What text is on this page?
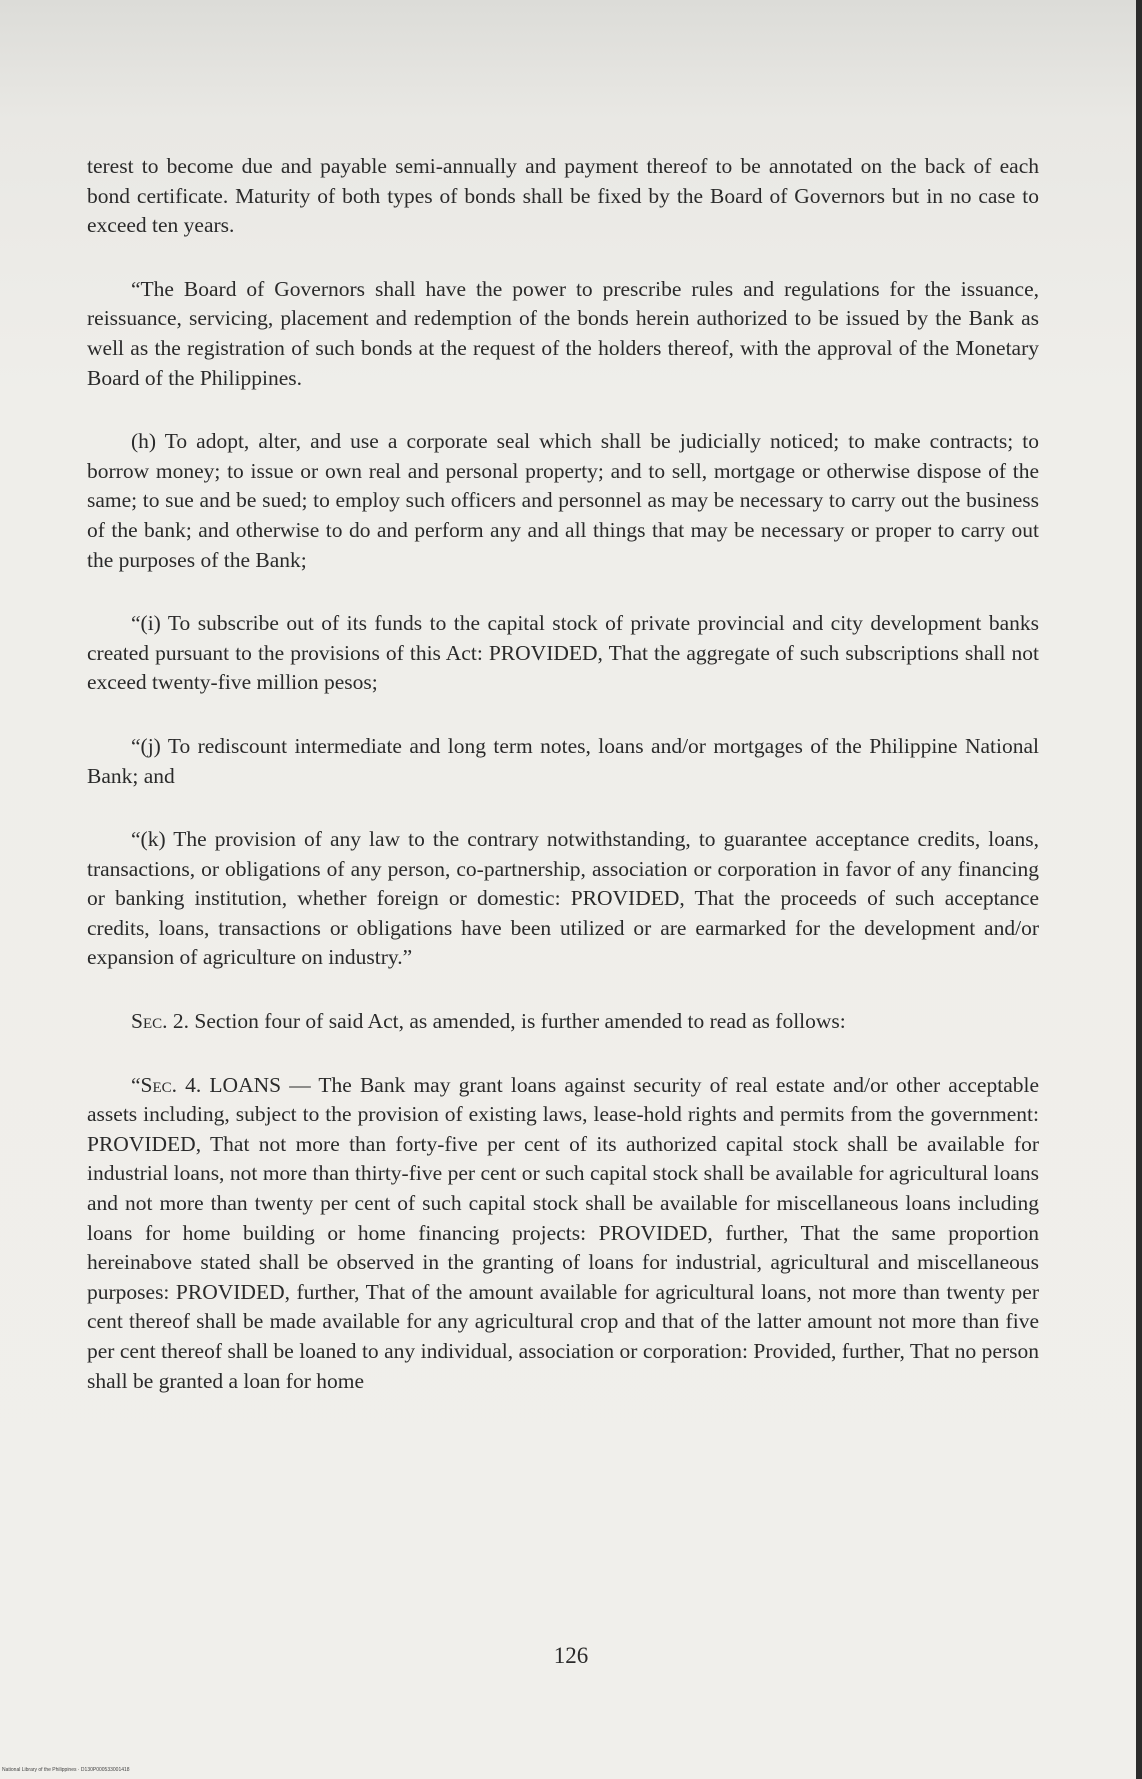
terest to become due and payable semi-annually and payment thereof to be annotated on the back of each bond certificate. Maturity of both types of bonds shall be fixed by the Board of Governors but in no case to exceed ten years.

“The Board of Governors shall have the power to prescribe rules and regulations for the issuance, reissuance, servicing, placement and redemption of the bonds herein authorized to be issued by the Bank as well as the registration of such bonds at the request of the holders thereof, with the approval of the Monetary Board of the Philippines.

(h) To adopt, alter, and use a corporate seal which shall be judicially noticed; to make contracts; to borrow money; to issue or own real and personal property; and to sell, mortgage or otherwise dispose of the same; to sue and be sued; to employ such officers and personnel as may be necessary to carry out the business of the bank; and otherwise to do and perform any and all things that may be necessary or proper to carry out the purposes of the Bank;

“(i) To subscribe out of its funds to the capital stock of private provincial and city development banks created pursuant to the provisions of this Act: PROVIDED, That the aggregate of such subscriptions shall not exceed twenty-five million pesos;

“(j) To rediscount intermediate and long term notes, loans and/or mortgages of the Philippine National Bank; and

“(k) The provision of any law to the contrary notwithstanding, to guarantee acceptance credits, loans, transactions, or obligations of any person, co-partnership, association or corporation in favor of any financing or banking institution, whether foreign or domestic: PROVIDED, That the proceeds of such acceptance credits, loans, transactions or obligations have been utilized or are earmarked for the development and/or expansion of agriculture on industry.”

Sec. 2. Section four of said Act, as amended, is further amended to read as follows:

“Sec. 4. LOANS — The Bank may grant loans against security of real estate and/or other acceptable assets including, subject to the provision of existing laws, lease-hold rights and permits from the government: PROVIDED, That not more than forty-five per cent of its authorized capital stock shall be available for industrial loans, not more than thirty-five per cent or such capital stock shall be available for agricultural loans and not more than twenty per cent of such capital stock shall be available for miscellaneous loans including loans for home building or home financing projects: PROVIDED, further, That the same proportion hereinabove stated shall be observed in the granting of loans for industrial, agricultural and miscellaneous purposes: PROVIDED, further, That of the amount available for agricultural loans, not more than twenty per cent thereof shall be made available for any agricultural crop and that of the latter amount not more than five per cent thereof shall be loaned to any individual, association or corporation: Provided, further, That no person shall be granted a loan for home

126
National Library of the Philippines · D130P000533001418
